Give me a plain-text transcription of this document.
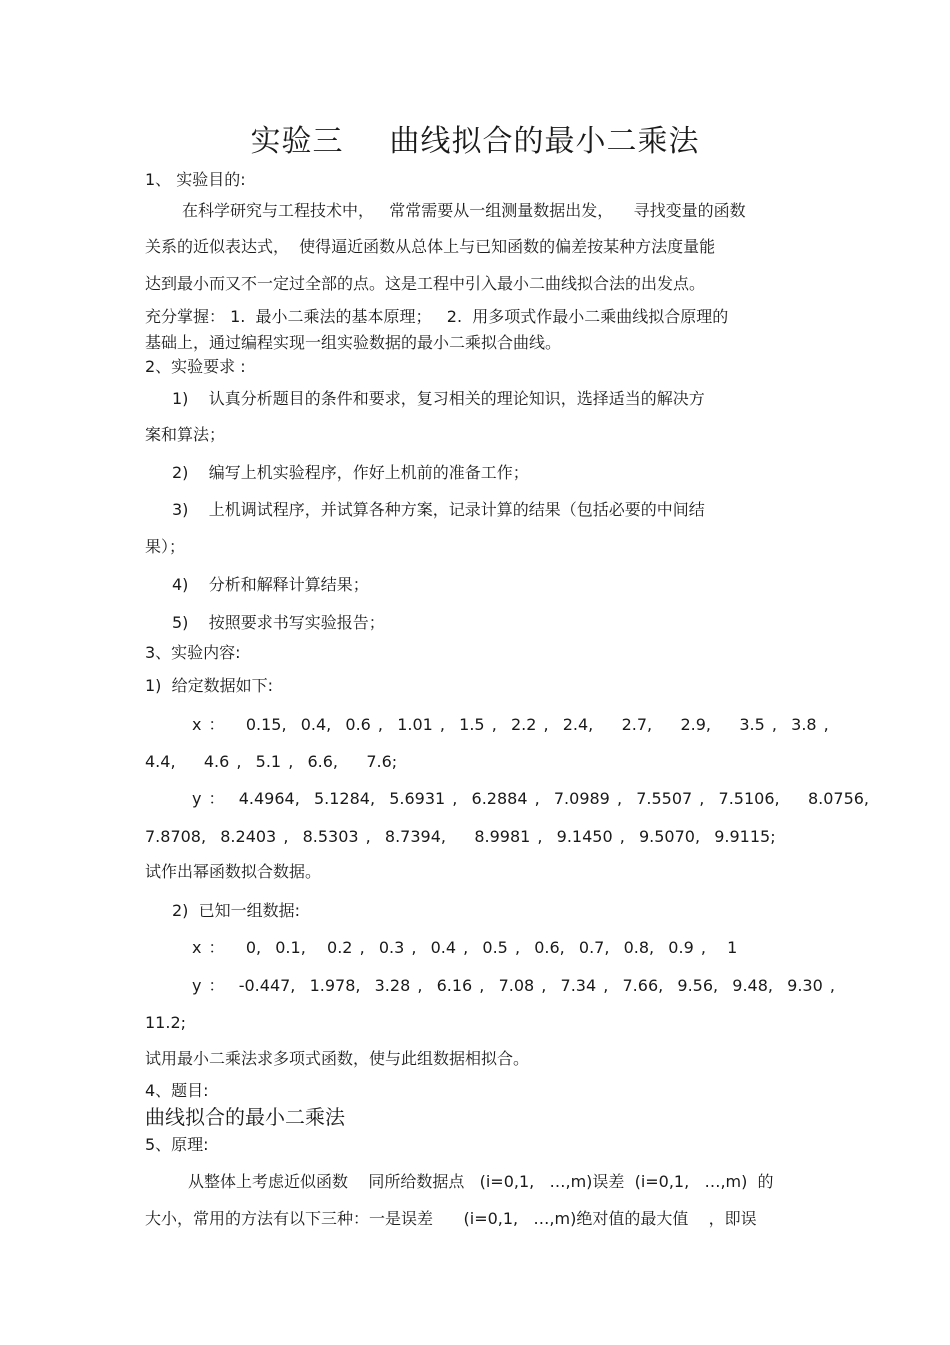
实验三 曲线拟合的最小二乘法
1、 实验目的:
在科学研究与工程技术中，   常常需要从一组测量数据出发，    寻找变量的函数
关系的近似表达式，  使得逼近函数从总体上与已知函数的偏差按某种方法度量能
达到最小而又不一定过全部的点。这是工程中引入最小二曲线拟合法的出发点。
充分掌握： 1.  最小二乘法的基本原理；   2.  用多项式作最小二乘曲线拟合原理的
基础上，通过编程实现一组实验数据的最小二乘拟合曲线。
2、实验要求 :
1)    认真分析题目的条件和要求，复习相关的理论知识，选择适当的解决方
案和算法；
2)    编写上机实验程序，作好上机前的准备工作；
3)    上机调试程序，并试算各种方案，记录计算的结果（包括必要的中间结
果）；
4)    分析和解释计算结果；
5)    按照要求书写实验报告；
3、实验内容:
1)  给定数据如下:
x ：   0.15,  0.4,  0.6 ,  1.01 ,  1.5 ,  2.2 ,  2.4,    2.7,    2.9,    3.5 ,  3.8 ,
4.4,    4.6 ,  5.1 ,  6.6,    7.6;
y ：  4.4964,  5.1284,  5.6931 ,  6.2884 ,  7.0989 ,  7.5507 ,  7.5106,    8.0756,
7.8708,  8.2403 ,  8.5303 ,  8.7394,    8.9981 ,  9.1450 ,  9.5070,  9.9115;
试作出幂函数拟合数据。
2)  已知一组数据:
x ：   0,  0.1,   0.2 ,  0.3 ,  0.4 ,  0.5 ,  0.6,  0.7,  0.8,  0.9 ,   1
y ：  -0.447,  1.978,  3.28 ,  6.16 ,  7.08 ,  7.34 ,  7.66,  9.56,  9.48,  9.30 ,
11.2;
试用最小二乘法求多项式函数，使与此组数据相拟合。
4、题目:
曲线拟合的最小二乘法
5、原理:
从整体上考虑近似函数    同所给数据点   (i=0,1,   …,m)误差  (i=0,1,   …,m)  的
大小，常用的方法有以下三种：一是误差      (i=0,1,   …,m)绝对值的最大值    ，即误
